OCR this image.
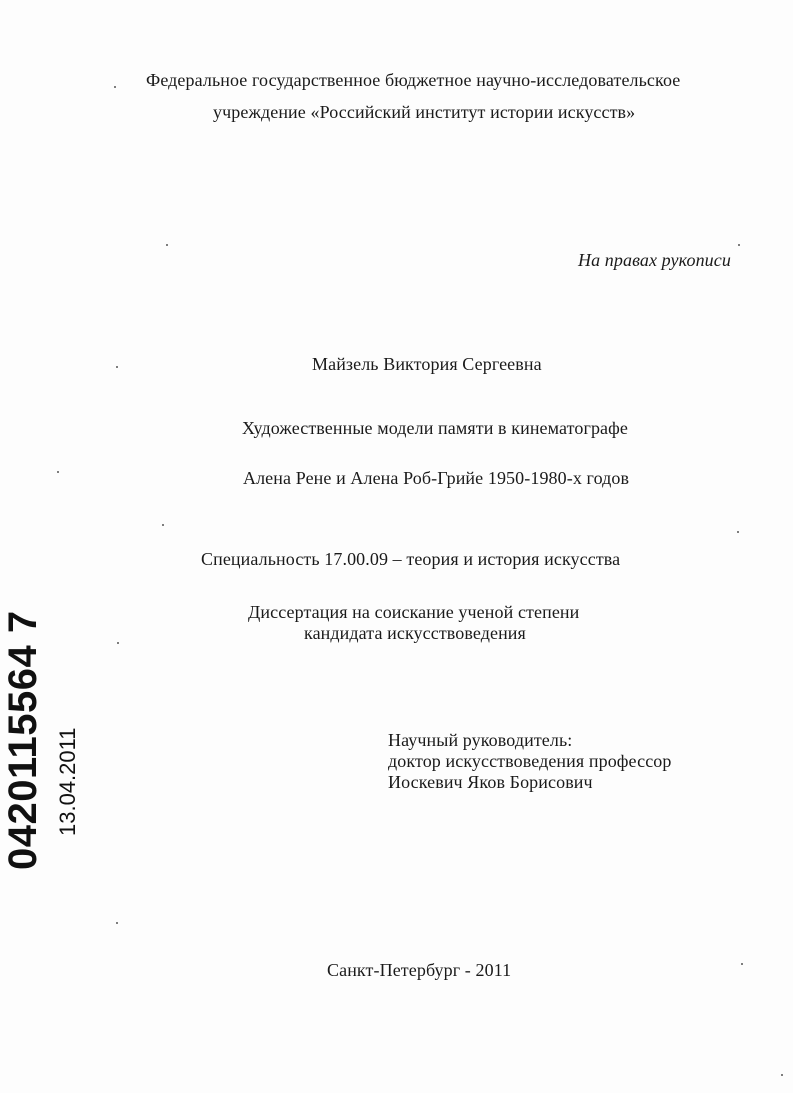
Федеральное государственное бюджетное научно-исследовательское
учреждение «Российский институт истории искусств»
На правах рукописи
Майзель Виктория Сергеевна
Художественные модели памяти в кинематографе
Алена Рене и Алена Роб-Грийе 1950-1980-х годов
Специальность 17.00.09 – теория и история искусства
Диссертация на соискание ученой степени
кандидата искусствоведения
Научный руководитель:
доктор искусствоведения профессор
Иоскевич Яков Борисович
Санкт-Петербург - 2011
0420115564 7 13.04.2011
